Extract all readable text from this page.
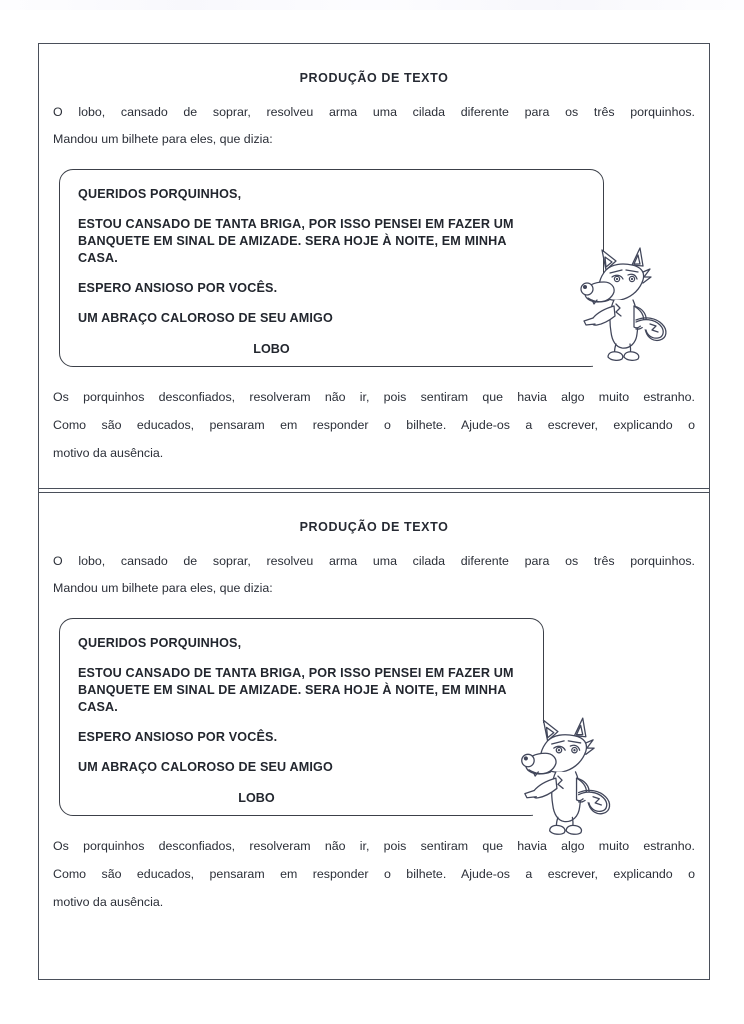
PRODUÇÃO DE TEXTO
O lobo, cansado de soprar, resolveu arma uma cilada diferente para os três porquinhos.
Mandou um bilhete para eles, que dizia:
QUERIDOS PORQUINHOS,
ESTOU CANSADO DE TANTA BRIGA, POR ISSO PENSEI EM FAZER UM
BANQUETE EM SINAL DE AMIZADE. SERA HOJE À NOITE, EM MINHA
CASA.
ESPERO ANSIOSO POR VOCÊS.
UM ABRAÇO CALOROSO DE SEU AMIGO
LOBO
Os porquinhos desconfiados, resolveram não ir, pois sentiram que havia algo muito estranho.
Como são educados, pensaram em responder o bilhete. Ajude-os a escrever, explicando o
motivo da ausência.
PRODUÇÃO DE TEXTO
O lobo, cansado de soprar, resolveu arma uma cilada diferente para os três porquinhos.
Mandou um bilhete para eles, que dizia:
QUERIDOS PORQUINHOS,
ESTOU CANSADO DE TANTA BRIGA, POR ISSO PENSEI EM FAZER UM
BANQUETE EM SINAL DE AMIZADE. SERA HOJE À NOITE, EM MINHA
CASA.
ESPERO ANSIOSO POR VOCÊS.
UM ABRAÇO CALOROSO DE SEU AMIGO
LOBO
Os porquinhos desconfiados, resolveram não ir, pois sentiram que havia algo muito estranho.
Como são educados, pensaram em responder o bilhete. Ajude-os a escrever, explicando o
motivo da ausência.
